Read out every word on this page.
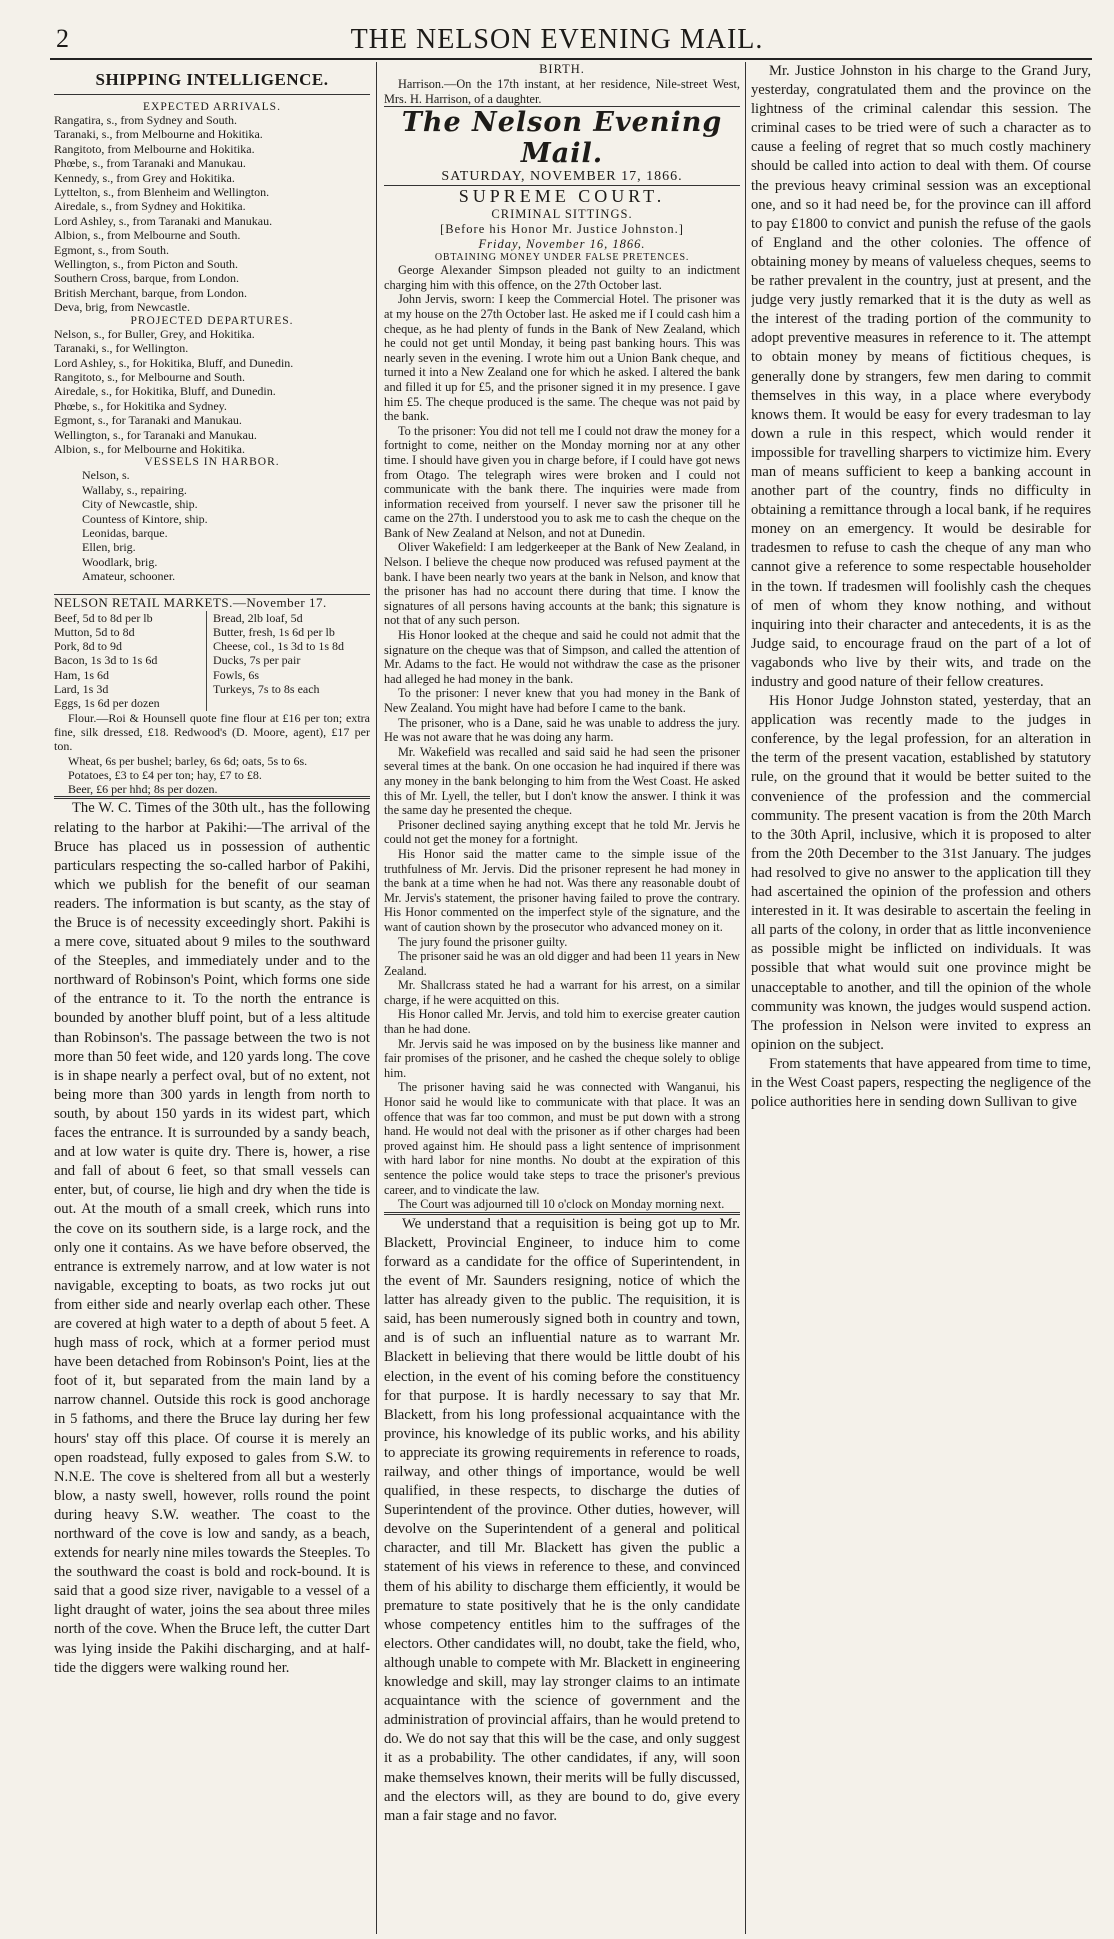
2	THE NELSON EVENING MAIL.
SHIPPING INTELLIGENCE.
EXPECTED ARRIVALS.
Rangatira, s., from Sydney and South.
Taranaki, s., from Melbourne and Hokitika.
Rangitoto, from Melbourne and Hokitika.
Phœbe, s., from Taranaki and Manukau.
Kennedy, s., from Grey and Hokitika.
Lyttelton, s., from Blenheim and Wellington.
Airedale, s., from Sydney and Hokitika.
Lord Ashley, s., from Taranaki and Manukau.
Albion, s., from Melbourne and South.
Egmont, s., from South.
Wellington, s., from Picton and South.
Southern Cross, barque, from London.
British Merchant, barque, from London.
Deva, brig, from Newcastle.
PROJECTED DEPARTURES.
Nelson, s., for Buller, Grey, and Hokitika.
Taranaki, s., for Wellington.
Lord Ashley, s., for Hokitika, Bluff, and Dunedin.
Rangitoto, s., for Melbourne and South.
Airedale, s., for Hokitika, Bluff, and Dunedin.
Phœbe, s., for Hokitika and Sydney.
Egmont, s., for Taranaki and Manukau.
Wellington, s., for Taranaki and Manukau.
Albion, s., for Melbourne and Hokitika.
VESSELS IN HARBOR.
Nelson, s.
Wallaby, s., repairing.
City of Newcastle, ship.
Countess of Kintore, ship.
Leonidas, barque.
Ellen, brig.
Woodlark, brig.
Amateur, schooner.
NELSON RETAIL MARKETS.—November 17.
Beef, 5d to 8d per lb
Mutton, 5d to 8d
Pork, 8d to 9d
Bacon, 1s 3d to 1s 6d
Ham, 1s 6d
Lard, 1s 3d
Eggs, 1s 6d per dozen
Bread, 2lb loaf, 5d
Butter, fresh, 1s 6d per lb
Cheese, col., 1s 3d to 1s 8d
Ducks, 7s per pair
Fowls, 6s
Turkeys, 7s to 8s each

Flour.—Roi & Hounsell quote fine flour at £16 per ton; extra fine, silk dressed, £18. Redwood's (D. Moore, agent), £17 per ton.

Wheat, 6s per bushel; barley, 6s 6d; oats, 5s to 6s.

Potatoes, £3 to £4 per ton; hay, £7 to £8.

Beer, £6 per hhd; 8s per dozen.

The W. C. Times of the 30th ult., has the following relating to the harbor at Pakihi:—The arrival of the Bruce has placed us in possession of authentic particulars respecting the so-called harbor of Pakihi, which we publish for the benefit of our seaman readers. The information is but scanty, as the stay of the Bruce is of necessity exceedingly short. Pakihi is a mere cove, situated about 9 miles to the southward of the Steeples, and immediately under and to the northward of Robinson's Point, which forms one side of the entrance to it. To the north the entrance is bounded by another bluff point, but of a less altitude than Robinson's. The passage between the two is not more than 50 feet wide, and 120 yards long. The cove is in shape nearly a perfect oval, but of no extent, not being more than 300 yards in length from north to south, by about 150 yards in its widest part, which faces the entrance. It is surrounded by a sandy beach, and at low water is quite dry. There is, hower, a rise and fall of about 6 feet, so that small vessels can enter, but, of course, lie high and dry when the tide is out. At the mouth of a small creek, which runs into the cove on its southern side, is a large rock, and the only one it contains. As we have before observed, the entrance is extremely narrow, and at low water is not navigable, excepting to boats, as two rocks jut out from either side and nearly overlap each other. These are covered at high water to a depth of about 5 feet. A hugh mass of rock, which at a former period must have been detached from Robinson's Point, lies at the foot of it, but separated from the main land by a narrow channel. Outside this rock is good anchorage in 5 fathoms, and there the Bruce lay during her few hours' stay off this place. Of course it is merely an open roadstead, fully exposed to gales from S.W. to N.N.E. The cove is sheltered from all but a westerly blow, a nasty swell, however, rolls round the point during heavy S.W. weather. The coast to the northward of the cove is low and sandy, as a beach, extends for nearly nine miles towards the Steeples. To the southward the coast is bold and rock-bound. It is said that a good size river, navigable to a vessel of a light draught of water, joins the sea about three miles north of the cove. When the Bruce left, the cutter Dart was lying inside the Pakihi discharging, and at half-tide the diggers were walking round her.

BIRTH.

Harrison.—On the 17th instant, at her residence, Nile-street West, Mrs. H. Harrison, of a daughter.

The Nelson Evening Mail.
SATURDAY, NOVEMBER 17, 1866.
SUPREME COURT.
CRIMINAL SITTINGS.
[Before his Honor Mr. Justice Johnston.]
Friday, November 16, 1866.
OBTAINING MONEY UNDER FALSE PRETENCES.

George Alexander Simpson pleaded not guilty to an indictment charging him with this offence, on the 27th October last.

John Jervis, sworn: I keep the Commercial Hotel. The prisoner was at my house on the 27th October last. He asked me if I could cash him a cheque, as he had plenty of funds in the Bank of New Zealand, which he could not get until Monday, it being past banking hours. This was nearly seven in the evening. I wrote him out a Union Bank cheque, and turned it into a New Zealand one for which he asked. I altered the bank and filled it up for £5, and the prisoner signed it in my presence. I gave him £5. The cheque produced is the same. The cheque was not paid by the bank.

To the prisoner: You did not tell me I could not draw the money for a fortnight to come, neither on the Monday morning nor at any other time. I should have given you in charge before, if I could have got news from Otago. The telegraph wires were broken and I could not communicate with the bank there. The inquiries were made from information received from yourself. I never saw the prisoner till he came on the 27th. I understood you to ask me to cash the cheque on the Bank of New Zealand at Nelson, and not at Dunedin.

Oliver Wakefield: I am ledgerkeeper at the Bank of New Zealand, in Nelson. I believe the cheque now produced was refused payment at the bank. I have been nearly two years at the bank in Nelson, and know that the prisoner has had no account there during that time. I know the signatures of all persons having accounts at the bank; this signature is not that of any such person.

His Honor looked at the cheque and said he could not admit that the signature on the cheque was that of Simpson, and called the attention of Mr. Adams to the fact. He would not withdraw the case as the prisoner had alleged he had money in the bank.

To the prisoner: I never knew that you had money in the Bank of New Zealand. You might have had before I came to the bank.

The prisoner, who is a Dane, said he was unable to address the jury. He was not aware that he was doing any harm.

Mr. Wakefield was recalled and said said he had seen the prisoner several times at the bank. On one occasion he had inquired if there was any money in the bank belonging to him from the West Coast. He asked this of Mr. Lyell, the teller, but I don't know the answer. I think it was the same day he presented the cheque.

Prisoner declined saying anything except that he told Mr. Jervis he could not get the money for a fortnight.

His Honor said the matter came to the simple issue of the truthfulness of Mr. Jervis. Did the prisoner represent he had money in the bank at a time when he had not. Was there any reasonable doubt of Mr. Jervis's statement, the prisoner having failed to prove the contrary. His Honor commented on the imperfect style of the signature, and the want of caution shown by the prosecutor who advanced money on it.

The jury found the prisoner guilty.

The prisoner said he was an old digger and had been 11 years in New Zealand.

Mr. Shallcrass stated he had a warrant for his arrest, on a similar charge, if he were acquitted on this.

His Honor called Mr. Jervis, and told him to exercise greater caution than he had done.

Mr. Jervis said he was imposed on by the business like manner and fair promises of the prisoner, and he cashed the cheque solely to oblige him.

The prisoner having said he was connected with Wanganui, his Honor said he would like to communicate with that place. It was an offence that was far too common, and must be put down with a strong hand. He would not deal with the prisoner as if other charges had been proved against him. He should pass a light sentence of imprisonment with hard labor for nine months. No doubt at the expiration of this sentence the police would take steps to trace the prisoner's previous career, and to vindicate the law.

The Court was adjourned till 10 o'clock on Monday morning next.

We understand that a requisition is being got up to Mr. Blackett, Provincial Engineer, to induce him to come forward as a candidate for the office of Superintendent, in the event of Mr. Saunders resigning, notice of which the latter has already given to the public. The requisition, it is said, has been numerously signed both in country and town, and is of such an influential nature as to warrant Mr. Blackett in believing that there would be little doubt of his election, in the event of his coming before the constituency for that purpose. It is hardly necessary to say that Mr. Blackett, from his long professional acquaintance with the province, his knowledge of its public works, and his ability to appreciate its growing requirements in reference to roads, railway, and other things of importance, would be well qualified, in these respects, to discharge the duties of Superintendent of the province. Other duties, however, will devolve on the Superintendent of a general and political character, and till Mr. Blackett has given the public a statement of his views in reference to these, and convinced them of his ability to discharge them efficiently, it would be premature to state positively that he is the only candidate whose competency entitles him to the suffrages of the electors. Other candidates will, no doubt, take the field, who, although unable to compete with Mr. Blackett in engineering knowledge and skill, may lay stronger claims to an intimate acquaintance with the science of government and the administration of provincial affairs, than he would pretend to do. We do not say that this will be the case, and only suggest it as a probability. The other candidates, if any, will soon make themselves known, their merits will be fully discussed, and the electors will, as they are bound to do, give every man a fair stage and no favor.

Mr. Justice Johnston in his charge to the Grand Jury, yesterday, congratulated them and the province on the lightness of the criminal calendar this session. The criminal cases to be tried were of such a character as to cause a feeling of regret that so much costly machinery should be called into action to deal with them. Of course the previous heavy criminal session was an exceptional one, and so it had need be, for the province can ill afford to pay £1800 to convict and punish the refuse of the gaols of England and the other colonies. The offence of obtaining money by means of valueless cheques, seems to be rather prevalent in the country, just at present, and the judge very justly remarked that it is the duty as well as the interest of the trading portion of the community to adopt preventive measures in reference to it. The attempt to obtain money by means of fictitious cheques, is generally done by strangers, few men daring to commit themselves in this way, in a place where everybody knows them. It would be easy for every tradesman to lay down a rule in this respect, which would render it impossible for travelling sharpers to victimize him. Every man of means sufficient to keep a banking account in another part of the country, finds no difficulty in obtaining a remittance through a local bank, if he requires money on an emergency. It would be desirable for tradesmen to refuse to cash the cheque of any man who cannot give a reference to some respectable householder in the town. If tradesmen will foolishly cash the cheques of men of whom they know nothing, and without inquiring into their character and antecedents, it is as the Judge said, to encourage fraud on the part of a lot of vagabonds who live by their wits, and trade on the industry and good nature of their fellow creatures.

His Honor Judge Johnston stated, yesterday, that an application was recently made to the judges in conference, by the legal profession, for an alteration in the term of the present vacation, established by statutory rule, on the ground that it would be better suited to the convenience of the profession and the commercial community. The present vacation is from the 20th March to the 30th April, inclusive, which it is proposed to alter from the 20th December to the 31st January. The judges had resolved to give no answer to the application till they had ascertained the opinion of the profession and others interested in it. It was desirable to ascertain the feeling in all parts of the colony, in order that as little inconvenience as possible might be inflicted on individuals. It was possible that what would suit one province might be unacceptable to another, and till the opinion of the whole community was known, the judges would suspend action. The profession in Nelson were invited to express an opinion on the subject.

From statements that have appeared from time to time, in the West Coast papers, respecting the negligence of the police authorities here in sending down Sullivan to give
